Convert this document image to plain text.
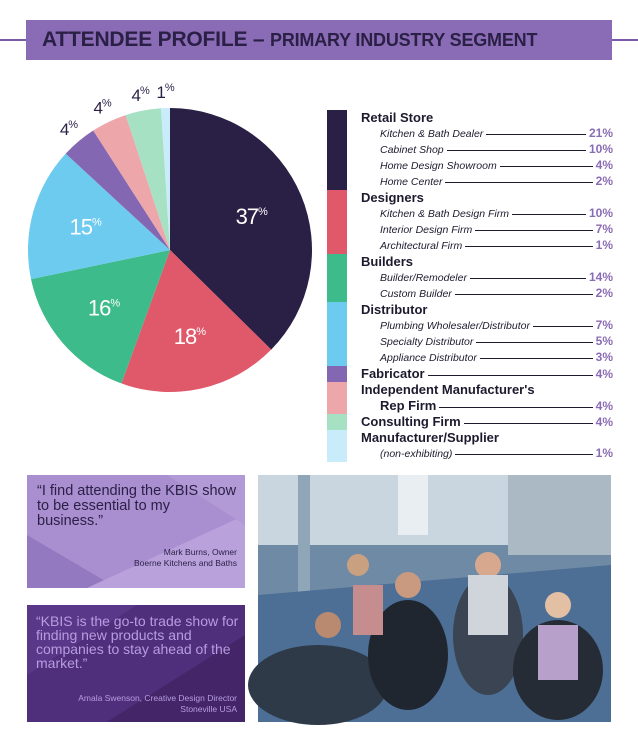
ATTENDEE PROFILE – PRIMARY INDUSTRY SEGMENT
37%
18%
16%
15%
4%
4% 4% 1%
Retail Store
Kitchen & Bath Dealer	21%
Cabinet Shop	10%
Home Design Showroom	4%
Home Center	2%
Designers
Kitchen & Bath Design Firm	10%
Interior Design Firm	7%
Architectural Firm	1%
Builders
Builder/Remodeler	14%
Custom Builder	2%
Distributor
Plumbing Wholesaler/Distributor	7%
Specialty Distributor	5%
Appliance Distributor	3%
Fabricator	4%
Independent Manufacturer's
Rep Firm	4%
Consulting Firm	4%
Manufacturer/Supplier
(non-exhibiting)	1%
“I find attending the KBIS show to be essential to my business.”
Mark Burns, Owner
Boerne Kitchens and Baths
“KBIS is the go-to trade show for finding new products and companies to stay ahead of the market.”
Amala Swenson, Creative Design Director
Stoneville USA
